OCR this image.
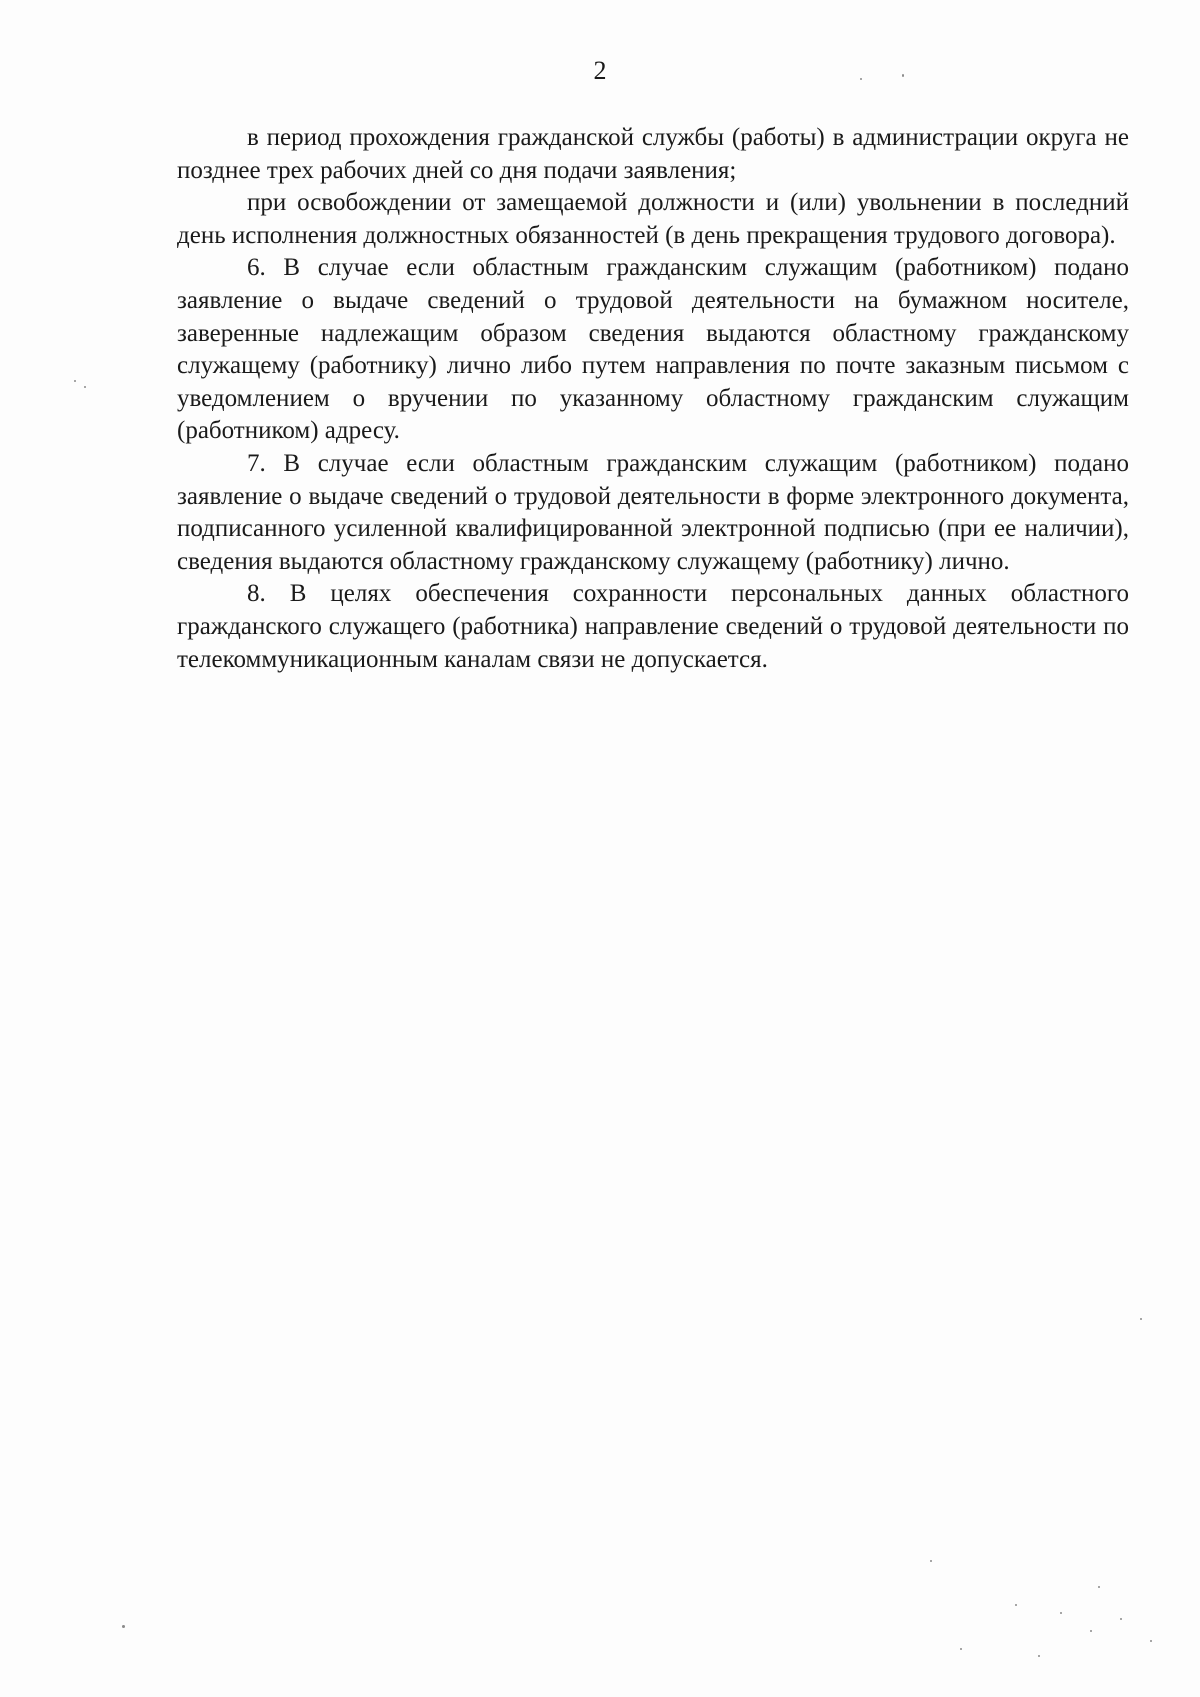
2

в период прохождения гражданской службы (работы) в администрации округа не позднее трех рабочих дней со дня подачи заявления;

при освобождении от замещаемой должности и (или) увольнении в последний день исполнения должностных обязанностей (в день прекращения трудового договора).

6. В случае если областным гражданским служащим (работником) подано заявление о выдаче сведений о трудовой деятельности на бумажном носителе, заверенные надлежащим образом сведения выдаются областному гражданскому служащему (работнику) лично либо путем направления по почте заказным письмом с уведомлением о вручении по указанному областному гражданским служащим (работником) адресу.

7. В случае если областным гражданским служащим (работником) подано заявление о выдаче сведений о трудовой деятельности в форме электронного документа, подписанного усиленной квалифицированной электронной подписью (при ее наличии), сведения выдаются областному гражданскому служащему (работнику) лично.

8. В целях обеспечения сохранности персональных данных областного гражданского служащего (работника) направление сведений о трудовой деятельности по телекоммуникационным каналам связи не допускается.
